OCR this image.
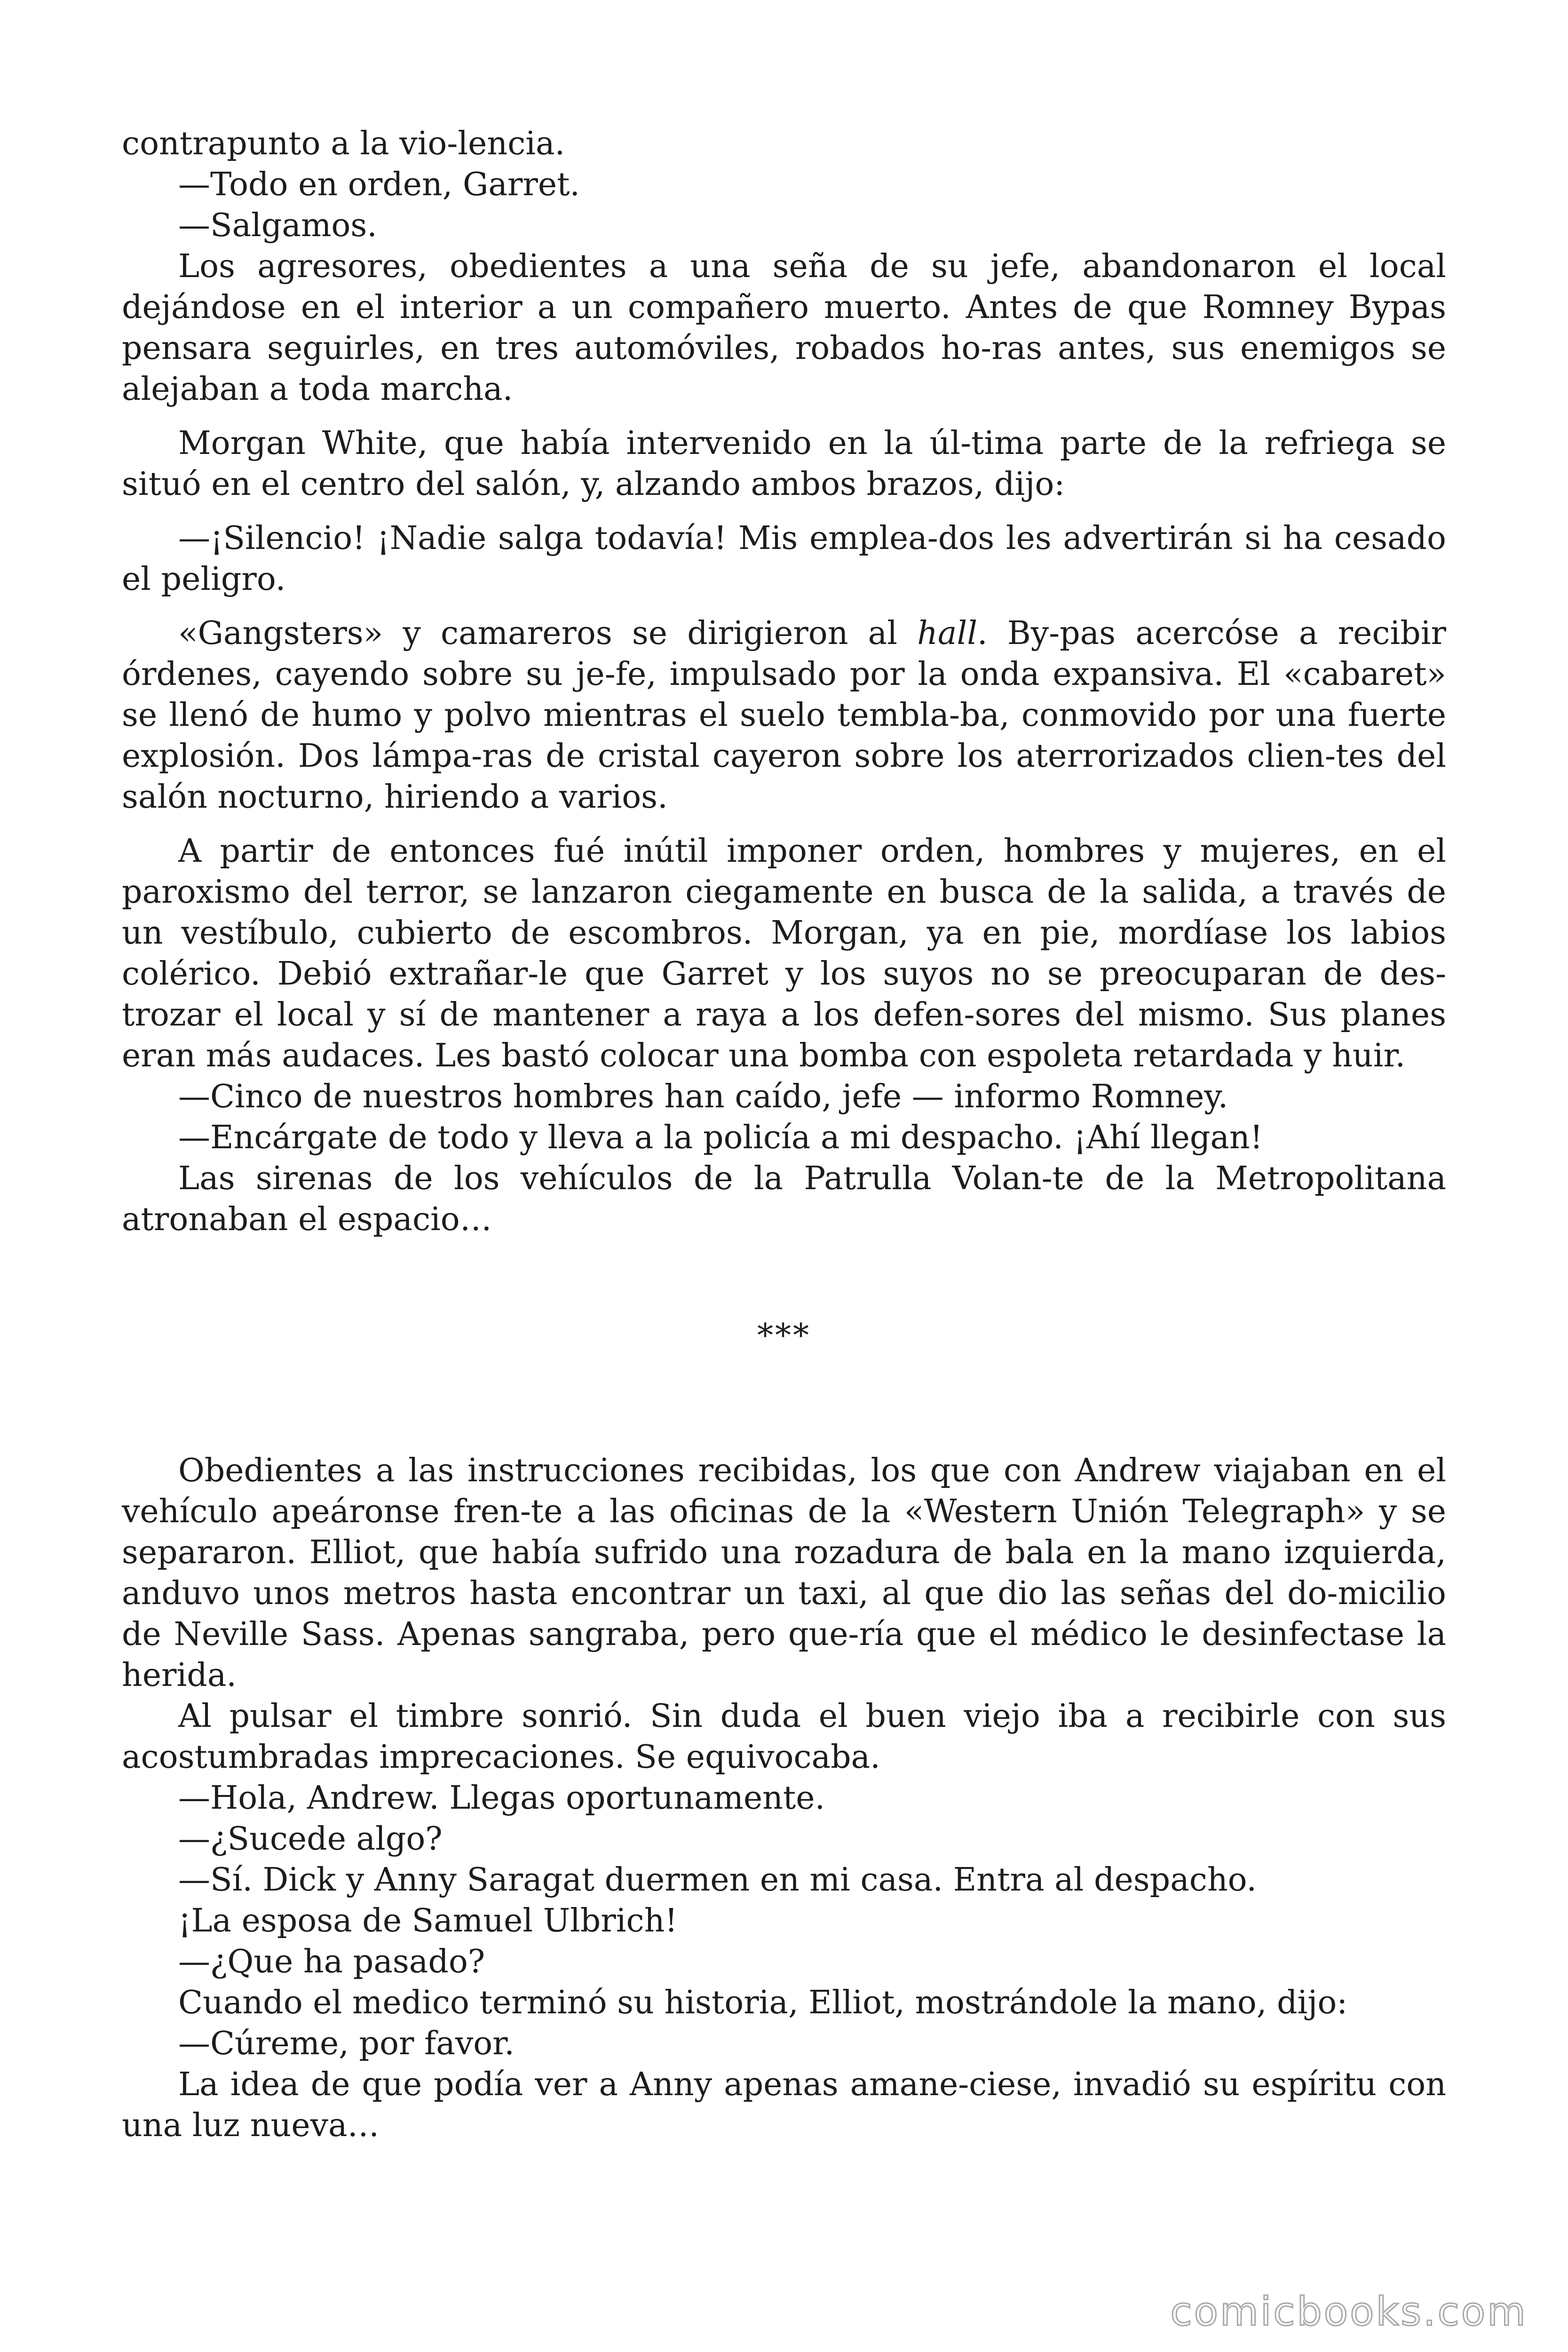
contrapunto a la vio-lencia.

—Todo en orden, Garret.

—Salgamos.

Los agresores, obedientes a una seña de su jefe, abandonaron el local dejándose en el interior a un compañero muerto. Antes de que Romney Bypas pensara seguirles, en tres automóviles, robados ho-ras antes, sus enemigos se alejaban a toda marcha.

Morgan White, que había intervenido en la úl-tima parte de la refriega se situó en el centro del salón, y, alzando ambos brazos, dijo:

—¡Silencio! ¡Nadie salga todavía! Mis emplea-dos les advertirán si ha cesado el peligro.

«Gangsters» y camareros se dirigieron al hall. By-pas acercóse a recibir órdenes, cayendo sobre su je-fe, impulsado por la onda expansiva. El «cabaret» se llenó de humo y polvo mientras el suelo tembla-ba, conmovido por una fuerte explosión. Dos lámpa-ras de cristal cayeron sobre los aterrorizados clien-tes del salón nocturno, hiriendo a varios.

A partir de entonces fué inútil imponer orden, hombres y mujeres, en el paroxismo del terror, se lanzaron ciegamente en busca de la salida, a través de un vestíbulo, cubierto de escombros. Morgan, ya en pie, mordíase los labios colérico. Debió extrañar-le que Garret y los suyos no se preocuparan de des-trozar el local y sí de mantener a raya a los defen-sores del mismo. Sus planes eran más audaces. Les bastó colocar una bomba con espoleta retardada y huir.

—Cinco de nuestros hombres han caído, jefe — informo Romney.

—Encárgate de todo y lleva a la policía a mi despacho. ¡Ahí llegan!

Las sirenas de los vehículos de la Patrulla Volan-te de la Metropolitana atronaban el espacio…

***

Obedientes a las instrucciones recibidas, los que con Andrew viajaban en el vehículo apeáronse fren-te a las oficinas de la «Western Unión Telegraph» y se separaron. Elliot, que había sufrido una rozadura de bala en la mano izquierda, anduvo unos metros hasta encontrar un taxi, al que dio las señas del do-micilio de Neville Sass. Apenas sangraba, pero que-ría que el médico le desinfectase la herida.

Al pulsar el timbre sonrió. Sin duda el buen viejo iba a recibirle con sus acostumbradas imprecaciones. Se equivocaba.

—Hola, Andrew. Llegas oportunamente.

—¿Sucede algo?

—Sí. Dick y Anny Saragat duermen en mi casa. Entra al despacho.

¡La esposa de Samuel Ulbrich!

—¿Que ha pasado?

Cuando el medico terminó su historia, Elliot, mostrándole la mano, dijo:

—Cúreme, por favor.

La idea de que podía ver a Anny apenas amane-ciese, invadió su espíritu con una luz nueva…

comicbooks.com
